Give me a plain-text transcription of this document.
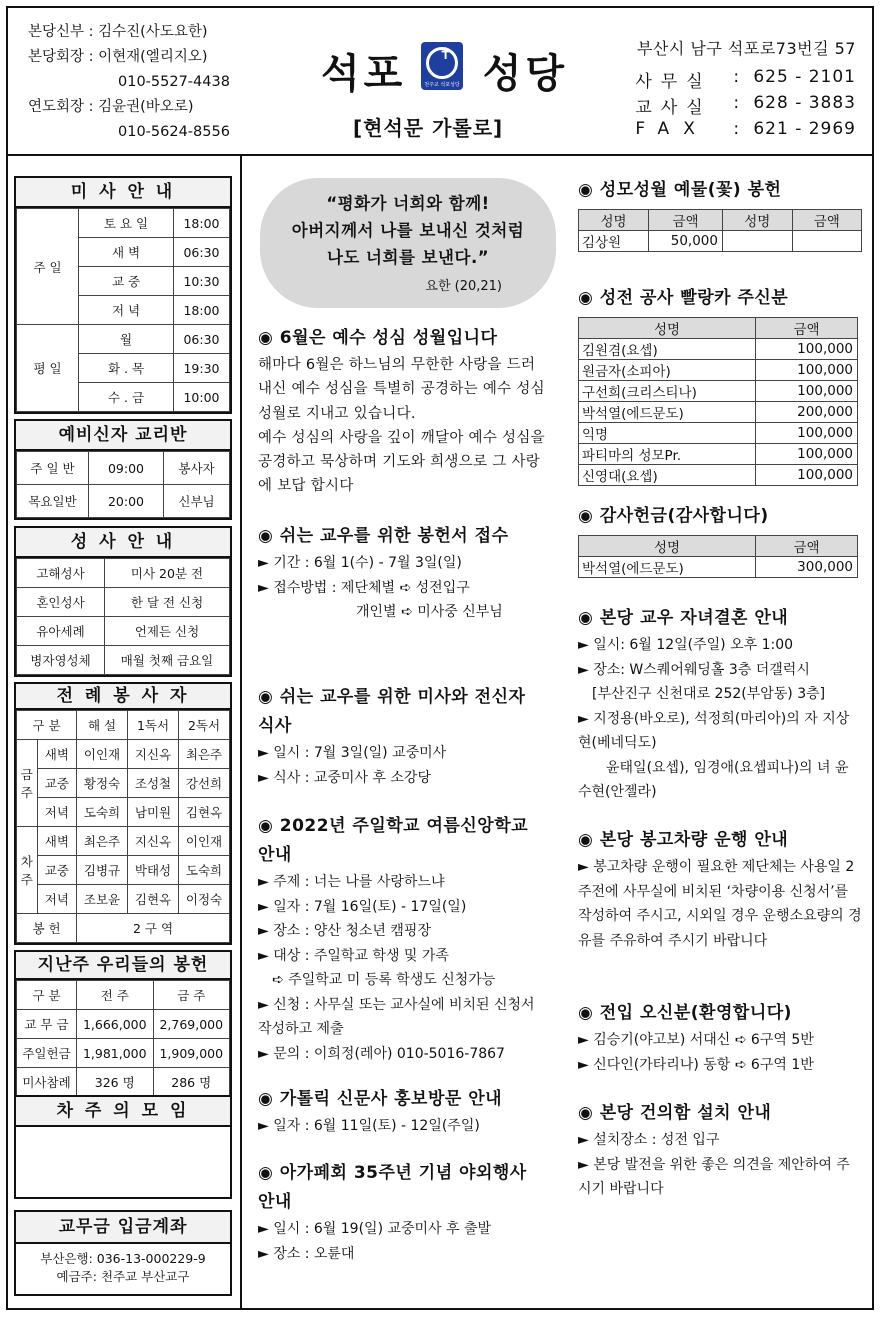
본당신부 : 김수진(사도요한)
본당회장 : 이현재(엘리지오)
010-5527-4438
연도회장 : 김윤권(바오로)
010-5624-8556
석포 ✝
천주교 석포성당 성당
[현석문 가롤로]
부산시 남구 석포로73번길 57
사무실	: 625 - 2101
교사실	: 628 - 3883
FAX	: 621 - 2969
미 사 안 내
주 일	토 요 일	18:00
	새 벽	06:30
	교 중	10:30
	저 녁	18:00
평 일	월	06:30
	화 . 목	19:30
	수 . 금	10:00
예비신자 교리반
주 일 반	09:00	봉사자
목요일반	20:00	신부님
성 사 안 내
고해성사	미사 20분 전
혼인성사	한 달 전 신청
유아세례	언제든 신청
병자영성체	매월 첫째 금요일
전 례 봉 사 자
구 분		해 설	1독서	2독서
금주	새벽	이인재	지신옥	최은주
	교중	황정숙	조성철	강선희
	저녁	도숙희	남미원	김현옥
차주	새벽	최은주	지신옥	이인재
	교중	김병규	박태성	도숙희
	저녁	조보윤	김현옥	이정숙
봉 헌		2 구 역		
지난주 우리들의 봉헌
구 분	전 주	금 주
교 무 금	1,666,000	2,769,000
주일헌금	1,981,000	1,909,000
미사참례	326 명	286 명
차 주 의 모 임
교무금 입금계좌
부산은행: 036-13-000229-9
예금주: 천주교 부산교구
“평화가 너희와 함께!
아버지께서 나를 보내신 것처럼
나도 너희를 보낸다.”
요한 (20,21)
◉ 6월은 예수 성심 성월입니다

해마다 6월은 하느님의 무한한 사랑을 드러내신 예수 성심을 특별히 공경하는 예수 성심 성월로 지내고 있습니다.

예수 성심의 사랑을 깊이 깨달아 예수 성심을 공경하고 묵상하며 기도와 희생으로 그 사랑에 보답 합시다

◉ 쉬는 교우를 위한 봉헌서 접수
► 기간 : 6월 1(수) - 7월 3일(일)
► 접수방법 : 제단체별 ➪ 성전입구
개인별 ➪ 미사중 신부님
◉ 쉬는 교우를 위한 미사와 전신자 식사
► 일시 : 7월 3일(일) 교중미사
► 식사 : 교중미사 후 소강당
◉ 2022년 주일학교 여름신앙학교 안내
► 주제 : 너는 나를 사랑하느냐
► 일자 : 7월 16일(토) - 17일(일)
► 장소 : 양산 청소년 캠핑장
► 대상 : 주일학교 학생 및 가족
➪ 주일학교 미 등록 학생도 신청가능
► 신청 : 사무실 또는 교사실에 비치된 신청서 작성하고 제출
► 문의 : 이희정(레아) 010-5016-7867
◉ 가톨릭 신문사 홍보방문 안내
► 일자 : 6월 11일(토) - 12일(주일)
◉ 아가페회 35주년 기념 야외행사 안내
► 일시 : 6월 19(일) 교중미사 후 출발
► 장소 : 오륜대
◉ 성모성월 예물(꽃) 봉헌
성명	금액	성명	금액
김상원	50,000		
◉ 성전 공사 빨랑카 주신분
성명	금액
김원겸(요셉)	100,000
원금자(소피아)	100,000
구선희(크리스티나)	100,000
박석열(에드문도)	200,000
익명	100,000
파티마의 성모Pr.	100,000
신영대(요셉)	100,000
◉ 감사헌금(감사합니다)
성명	금액
박석열(에드문도)	300,000
◉ 본당 교우 자녀결혼 안내
► 일시: 6월 12일(주일) 오후 1:00
► 장소: W스퀘어웨딩홀 3층 더갤럭시
[부산진구 신천대로 252(부암동) 3층]
► 지정용(바오로), 석정희(마리아)의 자 지상현(베네딕도)
윤태일(요셉), 임경애(요셉피나)의 녀 윤수현(안젤라)
◉ 본당 봉고차량 운행 안내
► 봉고차량 운행이 필요한 제단체는 사용일 2주전에 사무실에 비치된 ‘차량이용 신청서’를 작성하여 주시고, 시외일 경우 운행소요량의 경유를 주유하여 주시기 바랍니다
◉ 전입 오신분(환영합니다)
► 김승기(야고보) 서대신 ➪ 6구역 5반
► 신다인(가타리나) 동항 ➪ 6구역 1반
◉ 본당 건의함 설치 안내
► 설치장소 : 성전 입구
► 본당 발전을 위한 좋은 의견을 제안하여 주시기 바랍니다
